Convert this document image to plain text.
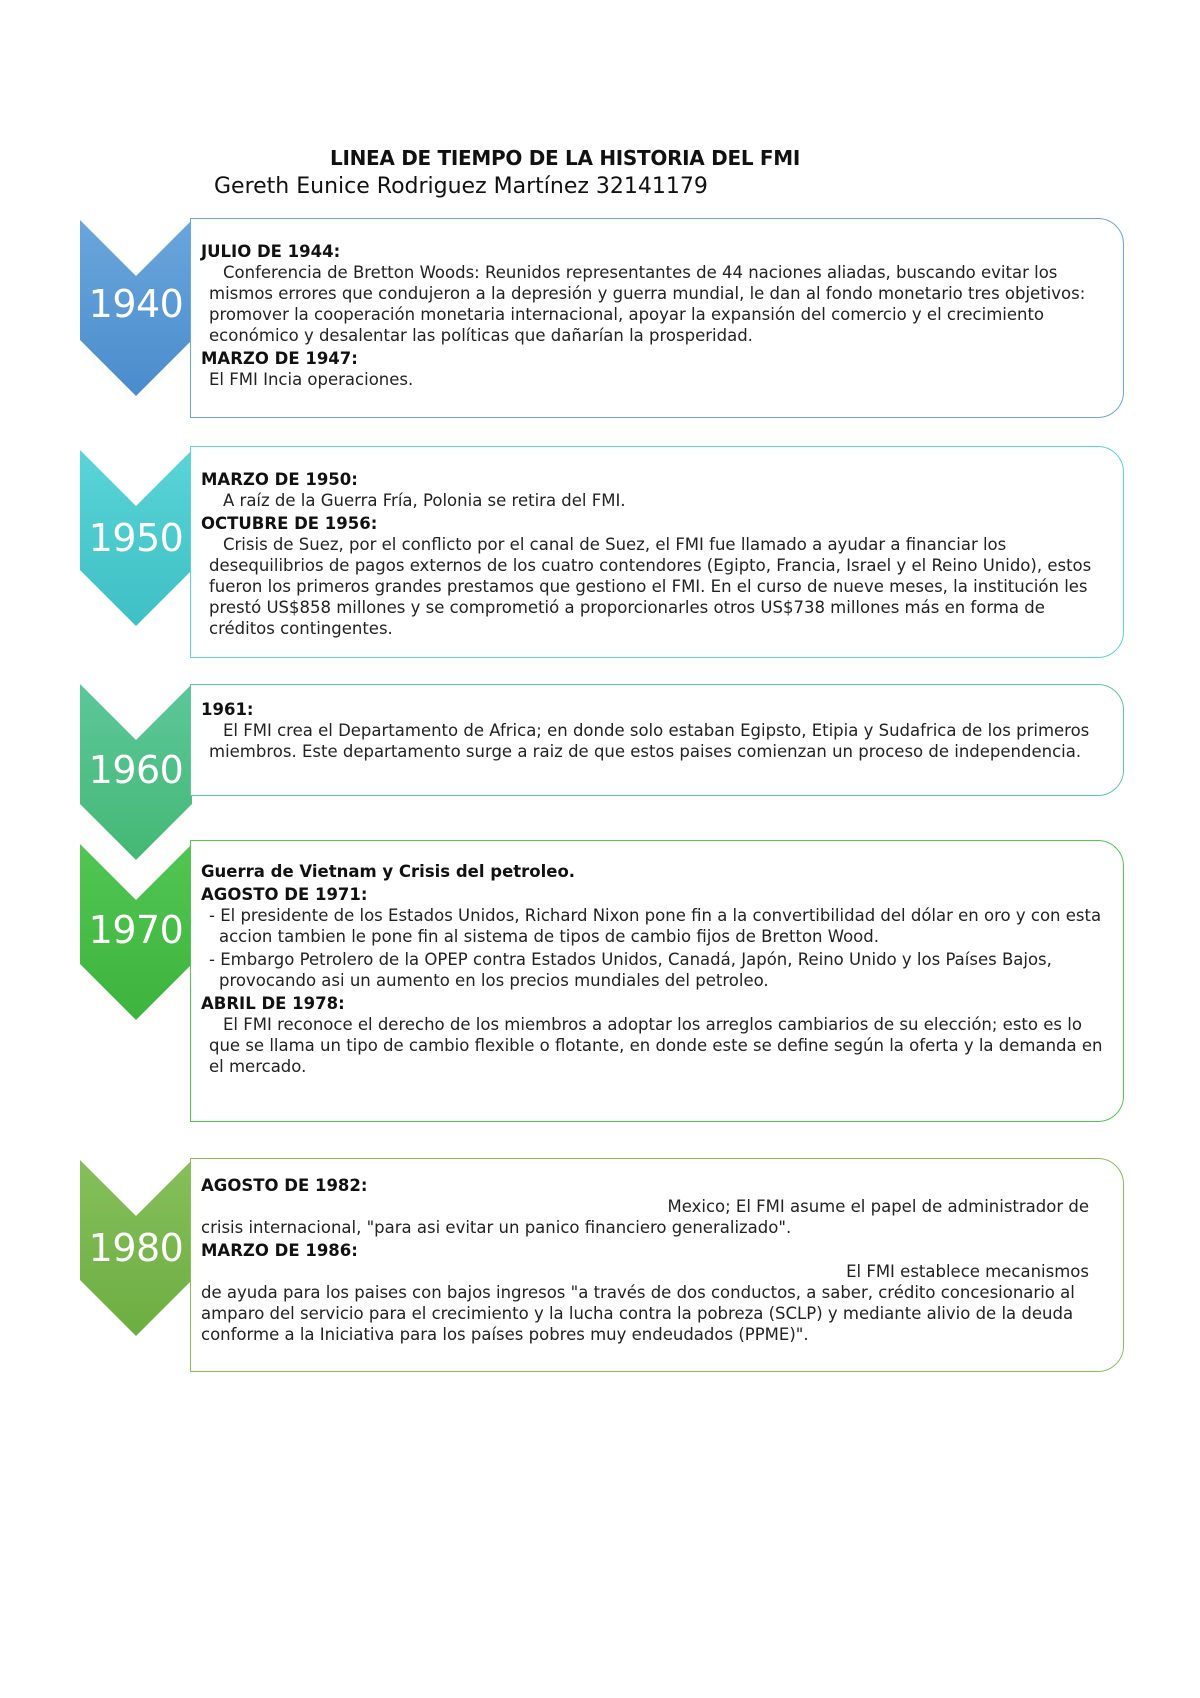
LINEA DE TIEMPO DE LA HISTORIA DEL FMI
Gereth Eunice Rodriguez Martínez 32141179
1940

JULIO DE 1944:

Conferencia de Bretton Woods: Reunidos representantes de 44 naciones aliadas, buscando evitar los mismos errores que condujeron a la depresión y guerra mundial, le dan al fondo monetario tres objetivos: promover la cooperación monetaria internacional, apoyar la expansión del comercio y el crecimiento económico y desalentar las políticas que dañarían la prosperidad.

MARZO DE 1947:

El FMI Incia operaciones.

1950

MARZO DE 1950:

A raíz de la Guerra Fría, Polonia se retira del FMI.

OCTUBRE DE 1956:

Crisis de Suez, por el conflicto por el canal de Suez, el FMI fue llamado a ayudar a financiar los desequilibrios de pagos externos de los cuatro contendores (Egipto, Francia, Israel y el Reino Unido), estos fueron los primeros grandes prestamos que gestiono el FMI. En el curso de nueve meses, la institución les prestó US$858 millones y se comprometió a proporcionarles otros US$738 millones más en forma de créditos contingentes.

1960

1961:

El FMI crea el Departamento de Africa; en donde solo estaban Egipsto, Etipia y Sudafrica de los primeros miembros. Este departamento surge a raiz de que estos paises comienzan un proceso de independencia.

1970

Guerra de Vietnam y Crisis del petroleo.

AGOSTO DE 1971:

- El presidente de los Estados Unidos, Richard Nixon pone fin a la convertibilidad del dólar en oro y con esta accion tambien le pone fin al sistema de tipos de cambio fijos de Bretton Wood.

- Embargo Petrolero de la OPEP contra Estados Unidos, Canadá, Japón, Reino Unido y los Países Bajos, provocando asi un aumento en los precios mundiales del petroleo.

ABRIL DE 1978:

El FMI reconoce el derecho de los miembros a adoptar los arreglos cambiarios de su elección; esto es lo que se llama un tipo de cambio flexible o flotante, en donde este se define según la oferta y la demanda en el mercado.

1980

AGOSTO DE 1982:

Mexico; El FMI asume el papel de administrador de

crisis internacional, "para asi evitar un panico financiero generalizado".

MARZO DE 1986:

El FMI establece mecanismos

de ayuda para los paises con bajos ingresos "a través de dos conductos, a saber, crédito concesionario al amparo del servicio para el crecimiento y la lucha contra la pobreza (SCLP) y mediante alivio de la deuda conforme a la Iniciativa para los países pobres muy endeudados (PPME)".
